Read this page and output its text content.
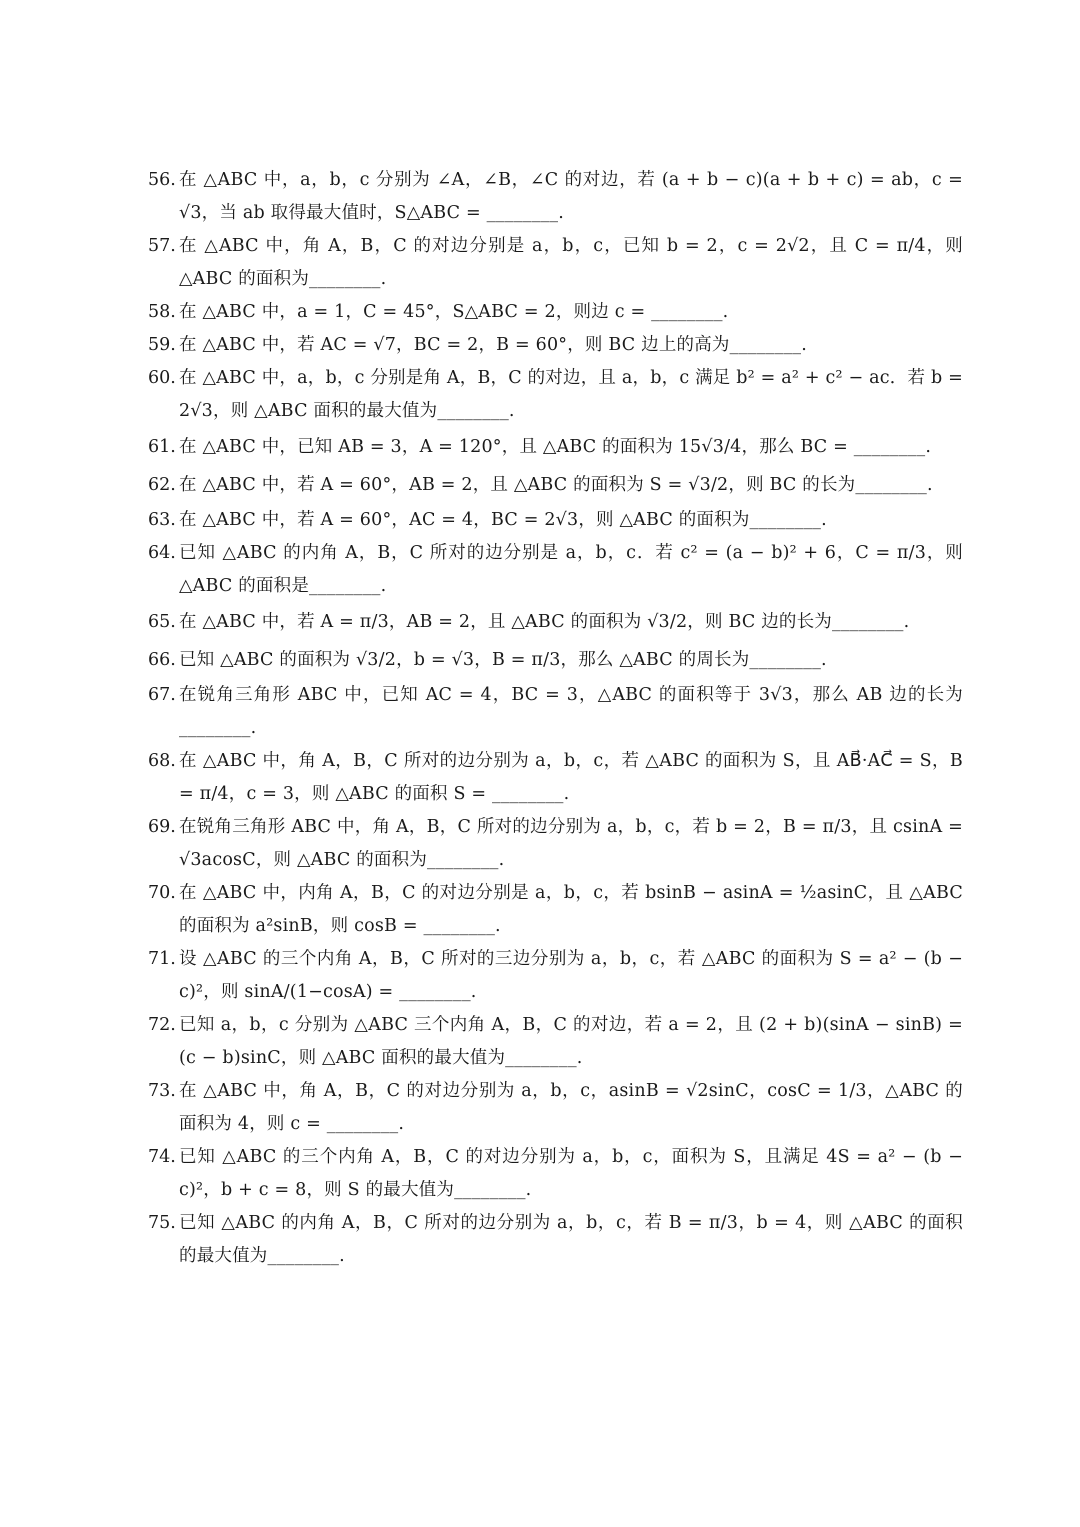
56. 在 △ABC 中，a，b，c 分别为 ∠A，∠B，∠C 的对边，若 (a + b − c)(a + b + c) = ab，c = √3，当 ab 取得最大值时，S△ABC = ________.
57. 在 △ABC 中，角 A，B，C 的对边分别是 a，b，c，已知 b = 2，c = 2√2，且 C = π/4，则 △ABC 的面积为________.
58. 在 △ABC 中，a = 1，C = 45°，S△ABC = 2，则边 c = ________.
59. 在 △ABC 中，若 AC = √7，BC = 2，B = 60°，则 BC 边上的高为________.
60. 在 △ABC 中，a，b，c 分别是角 A，B，C 的对边，且 a，b，c 满足 b² = a² + c² − ac．若 b = 2√3，则 △ABC 面积的最大值为________.
61. 在 △ABC 中，已知 AB = 3，A = 120°，且 △ABC 的面积为 15√3/4，那么 BC = ________.
62. 在 △ABC 中，若 A = 60°，AB = 2，且 △ABC 的面积为 S = √3/2，则 BC 的长为________.
63. 在 △ABC 中，若 A = 60°，AC = 4，BC = 2√3，则 △ABC 的面积为________.
64. 已知 △ABC 的内角 A，B，C 所对的边分别是 a，b，c．若 c² = (a − b)² + 6，C = π/3，则 △ABC 的面积是________.
65. 在 △ABC 中，若 A = π/3，AB = 2，且 △ABC 的面积为 √3/2，则 BC 边的长为________.
66. 已知 △ABC 的面积为 √3/2，b = √3，B = π/3，那么 △ABC 的周长为________.
67. 在锐角三角形 ABC 中，已知 AC = 4，BC = 3，△ABC 的面积等于 3√3，那么 AB 边的长为________.
68. 在 △ABC 中，角 A，B，C 所对的边分别为 a，b，c，若 △ABC 的面积为 S，且 AB⃗·AC⃗ = S，B = π/4，c = 3，则 △ABC 的面积 S = ________.
69. 在锐角三角形 ABC 中，角 A，B，C 所对的边分别为 a，b，c，若 b = 2，B = π/3，且 csinA = √3acosC，则 △ABC 的面积为________.
70. 在 △ABC 中，内角 A，B，C 的对边分别是 a，b，c，若 bsinB − asinA = ½asinC，且 △ABC 的面积为 a²sinB，则 cosB = ________.
71. 设 △ABC 的三个内角 A，B，C 所对的三边分别为 a，b，c，若 △ABC 的面积为 S = a² − (b − c)²，则 sinA/(1−cosA) = ________.
72. 已知 a，b，c 分别为 △ABC 三个内角 A，B，C 的对边，若 a = 2，且 (2 + b)(sinA − sinB) = (c − b)sinC，则 △ABC 面积的最大值为________.
73. 在 △ABC 中，角 A，B，C 的对边分别为 a，b，c，asinB = √2sinC，cosC = 1/3，△ABC 的面积为 4，则 c = ________.
74. 已知 △ABC 的三个内角 A，B，C 的对边分别为 a，b，c，面积为 S，且满足 4S = a² − (b − c)²，b + c = 8，则 S 的最大值为________.
75. 已知 △ABC 的内角 A，B，C 所对的边分别为 a，b，c，若 B = π/3，b = 4，则 △ABC 的面积的最大值为________.
